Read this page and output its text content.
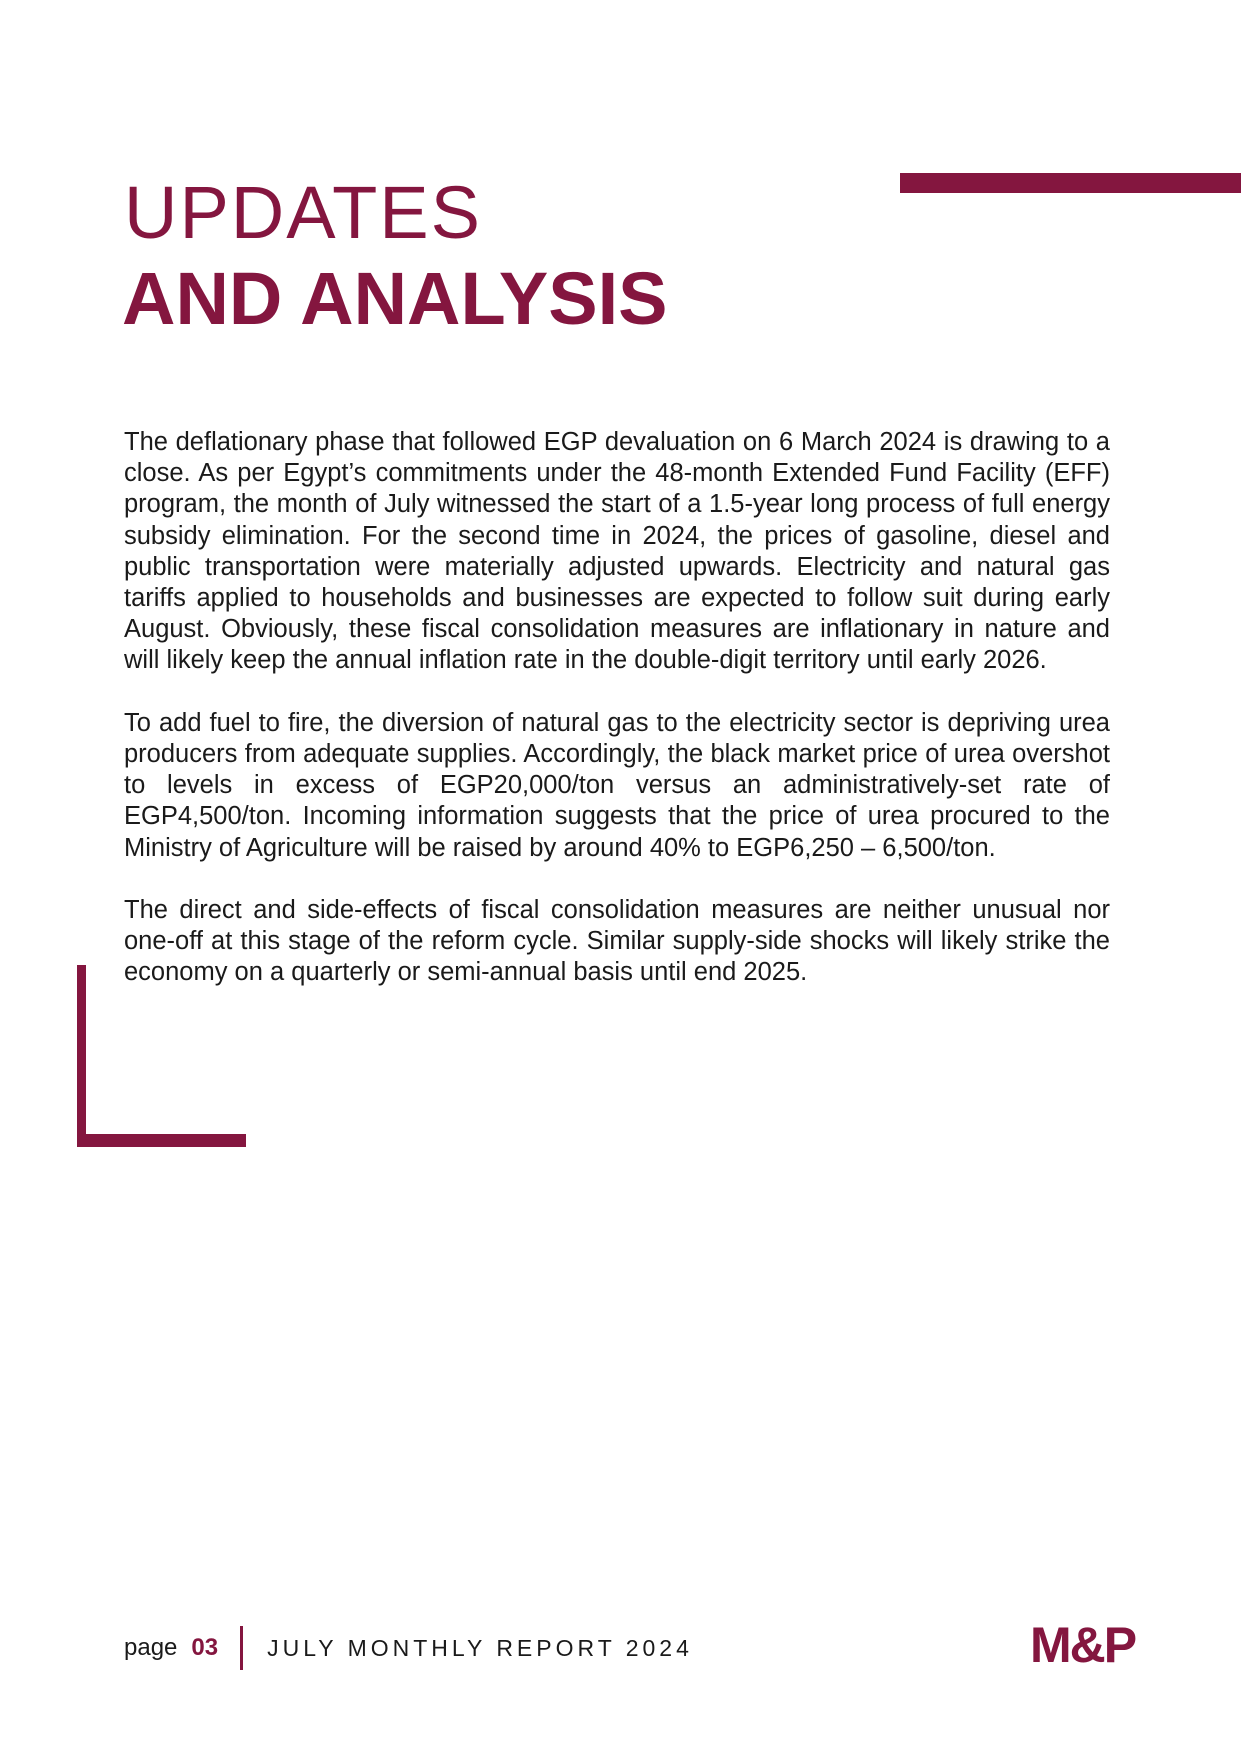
UPDATES
AND ANALYSIS

The deflationary phase that followed EGP devaluation on 6 March 2024 is drawing to a close. As per Egypt’s commitments under the 48-month Extended Fund Facility (EFF) program, the month of July witnessed the start of a 1.5-year long process of full energy subsidy elimination. For the second time in 2024, the prices of gasoline, diesel and public transportation were materially adjusted upwards. Electricity and natural gas tariffs applied to households and businesses are expected to follow suit during early August. Obviously, these fiscal consolidation measures are inflationary in nature and will likely keep the annual inflation rate in the double-digit territory until early 2026.

To add fuel to fire, the diversion of natural gas to the electricity sector is depriving urea producers from adequate supplies. Accordingly, the black market price of urea overshot to levels in excess of EGP20,000/ton versus an administratively-set rate of EGP4,500/ton. Incoming information suggests that the price of urea procured to the Ministry of Agriculture will be raised by around 40% to EGP6,250 – 6,500/ton.

The direct and side-effects of fiscal consolidation measures are neither unusual nor one-off at this stage of the reform cycle. Similar supply-side shocks will likely strike the economy on a quarterly or semi-annual basis until end 2025.

page 03 JULY MONTHLY REPORT 2024	M&P
